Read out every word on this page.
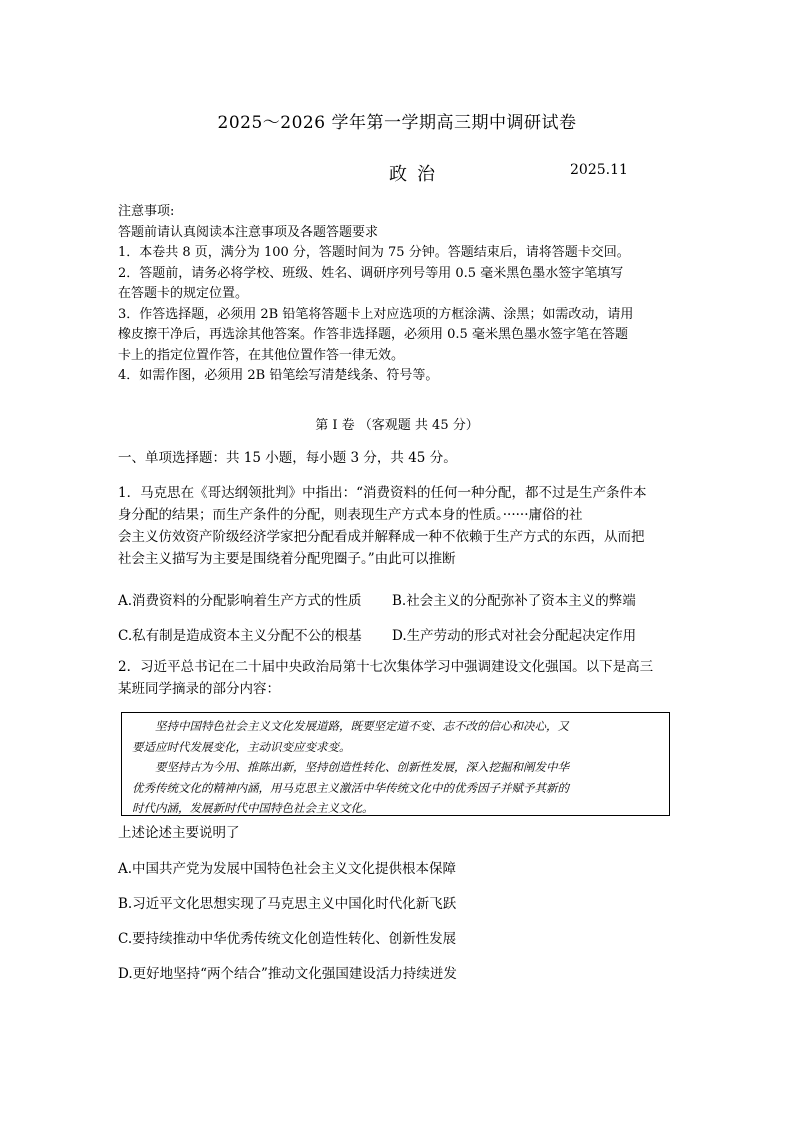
2025～2026 学年第一学期高三期中调研试卷
政治	2025.11
注意事项:
答题前请认真阅读本注意事项及各题答题要求
1．本卷共 8 页，满分为 100 分，答题时间为 75 分钟。答题结束后，请将答题卡交回。
2．答题前，请务必将学校、班级、姓名、调研序列号等用 0.5 毫米黑色墨水签字笔填写
在答题卡的规定位置。
3．作答选择题，必须用 2B 铅笔将答题卡上对应选项的方框涂满、涂黑；如需改动，请用
橡皮擦干净后，再选涂其他答案。作答非选择题，必须用 0.5 毫米黑色墨水签字笔在答题
卡上的指定位置作答，在其他位置作答一律无效。
4．如需作图，必须用 2B 铅笔绘写清楚线条、符号等。
第 I 卷 （客观题 共 45 分）
一、单项选择题：共 15 小题，每小题 3 分，共 45 分。
1．马克思在《哥达纲领批判》中指出：“消费资料的任何一种分配，都不过是生产条件本
身分配的结果；而生产条件的分配，则表现生产方式本身的性质。······庸俗的社
会主义仿效资产阶级经济学家把分配看成并解释成一种不依赖于生产方式的东西，从而把
社会主义描写为主要是围绕着分配兜圈子。”由此可以推断
A.消费资料的分配影响着生产方式的性质 B.社会主义的分配弥补了资本主义的弊端
C.私有制是造成资本主义分配不公的根基 D.生产劳动的形式对社会分配起决定作用
2．习近平总书记在二十届中央政治局第十七次集体学习中强调建设文化强国。以下是高三
某班同学摘录的部分内容：
坚持中国特色社会主义文化发展道路，既要坚定道不变、志不改的信心和决心，又
要适应时代发展变化，主动识变应变求变。
要坚持古为今用、推陈出新，坚持创造性转化、创新性发展，深入挖掘和阐发中华
优秀传统文化的精神内涵，用马克思主义激活中华传统文化中的优秀因子并赋予其新的
时代内涵，发展新时代中国特色社会主义文化。
上述论述主要说明了
A.中国共产党为发展中国特色社会主义文化提供根本保障
B.习近平文化思想实现了马克思主义中国化时代化新飞跃
C.要持续推动中华优秀传统文化创造性转化、创新性发展
D.更好地坚持“两个结合”推动文化强国建设活力持续迸发
